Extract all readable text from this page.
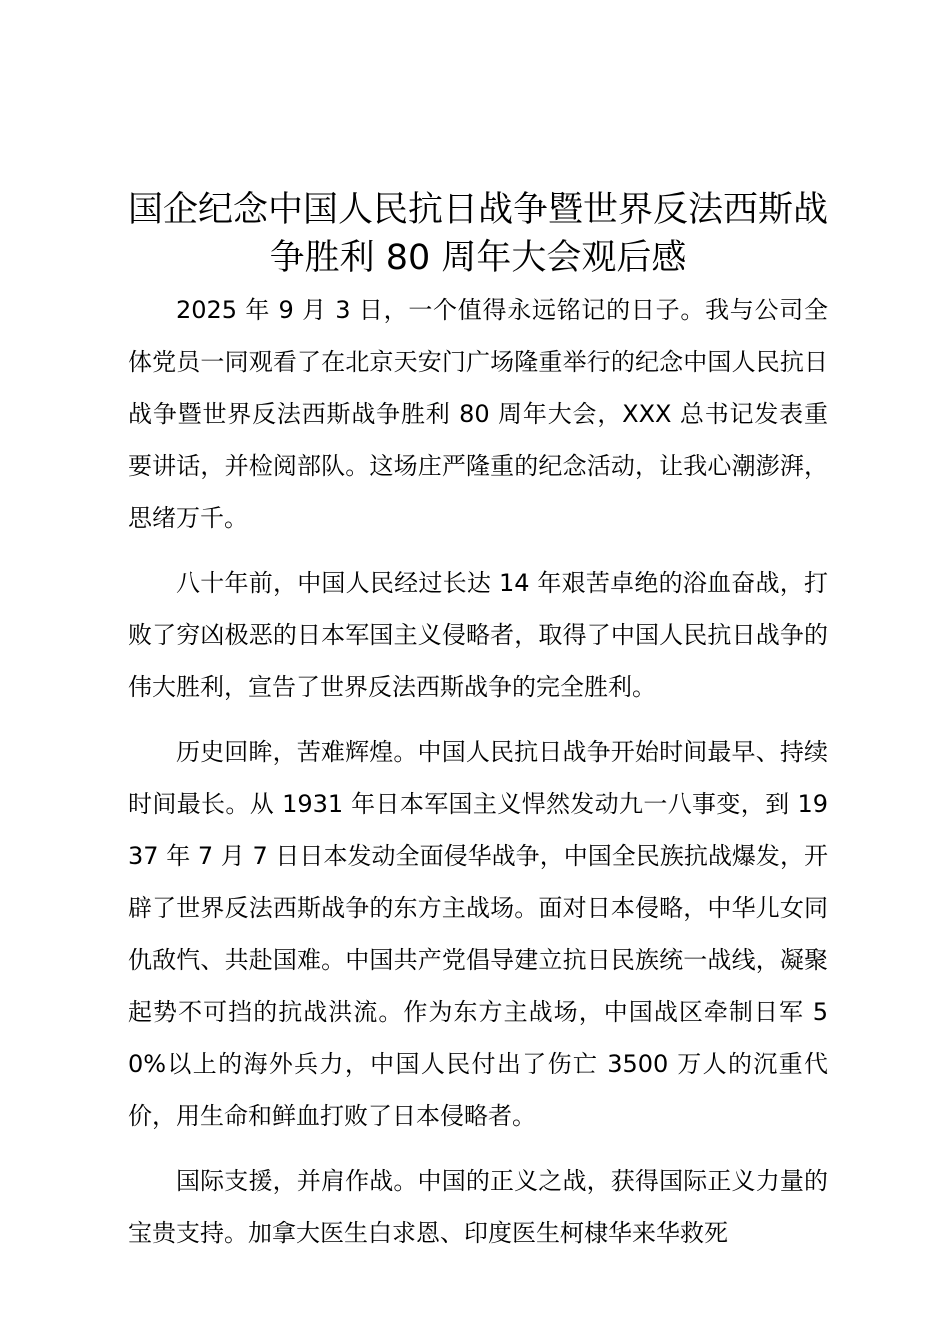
国企纪念中国人民抗日战争暨世界反法西斯战
争胜利 80 周年大会观后感

2025 年 9 月 3 日，一个值得永远铭记的日子。我与公司全体党员一同观看了在北京天安门广场隆重举行的纪念中国人民抗日战争暨世界反法西斯战争胜利 80 周年大会，XXX 总书记发表重要讲话，并检阅部队。这场庄严隆重的纪念活动，让我心潮澎湃，思绪万千。

八十年前，中国人民经过长达 14 年艰苦卓绝的浴血奋战，打败了穷凶极恶的日本军国主义侵略者，取得了中国人民抗日战争的伟大胜利，宣告了世界反法西斯战争的完全胜利。

历史回眸，苦难辉煌。中国人民抗日战争开始时间最早、持续时间最长。从 1931 年日本军国主义悍然发动九一八事变，到 1937 年 7 月 7 日日本发动全面侵华战争，中国全民族抗战爆发，开辟了世界反法西斯战争的东方主战场。面对日本侵略，中华儿女同仇敌忾、共赴国难。中国共产党倡导建立抗日民族统一战线，凝聚起势不可挡的抗战洪流。作为东方主战场，中国战区牵制日军 50%以上的海外兵力，中国人民付出了伤亡 3500 万人的沉重代价，用生命和鲜血打败了日本侵略者。

国际支援，并肩作战。中国的正义之战，获得国际正义力量的宝贵支持。加拿大医生白求恩、印度医生柯棣华来华救死
